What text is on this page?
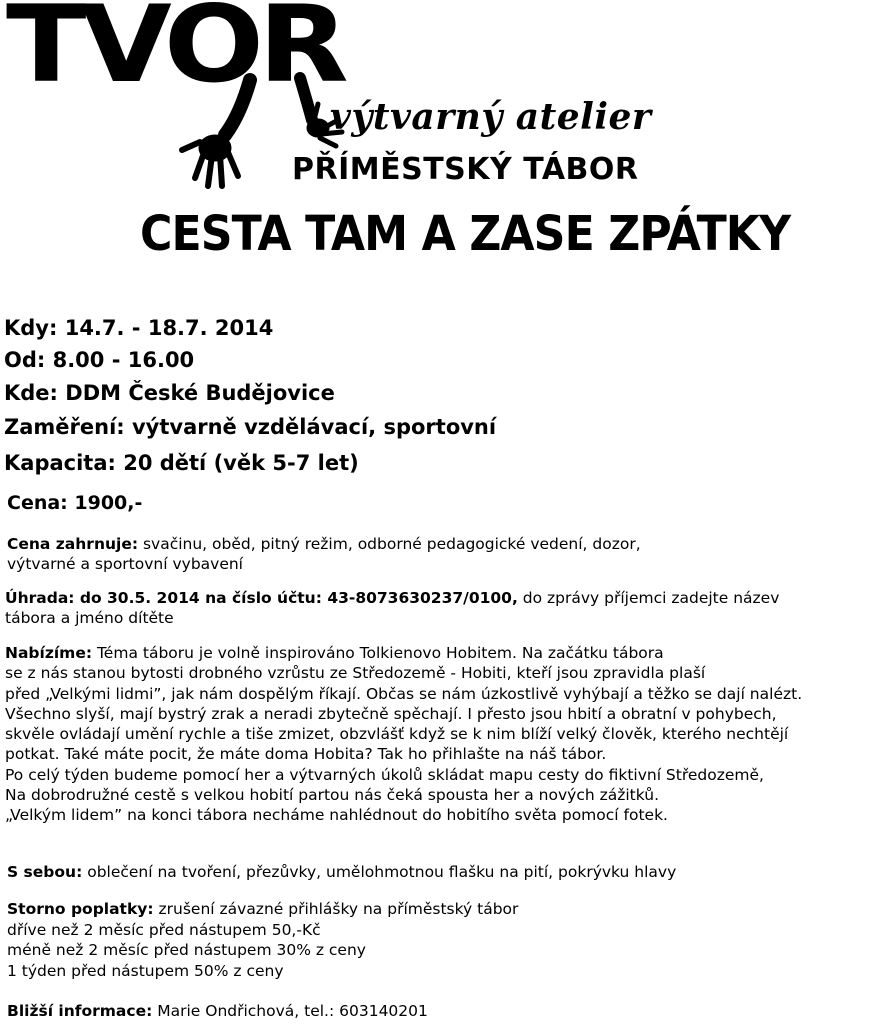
TVOR
výtvarný atelier
PŘÍMĚSTSKÝ TÁBOR
CESTA TAM A ZASE ZPÁTKY
Kdy: 14.7. - 18.7. 2014
Od: 8.00 - 16.00
Kde: DDM České Budějovice
Zaměření: výtvarně vzdělávací, sportovní
Kapacita: 20 dětí (věk 5-7 let)
Cena: 1900,-
Cena zahrnuje: svačinu, oběd, pitný režim, odborné pedagogické vedení, dozor,
výtvarné a sportovní vybavení
Úhrada: do 30.5. 2014 na číslo účtu: 43-8073630237/0100, do zprávy příjemci zadejte název
tábora a jméno dítěte
Nabízíme: Téma táboru je volně inspirováno Tolkienovo Hobitem. Na začátku tábora
se z nás stanou bytosti drobného vzrůstu ze Středozemě - Hobiti, kteří jsou zpravidla plaší
před „Velkými lidmi”, jak nám dospělým říkají. Občas se nám úzkostlivě vyhýbají a těžko se dají nalézt.
Všechno slyší, mají bystrý zrak a neradi zbytečně spěchají. I přesto jsou hbití a obratní v pohybech,
skvěle ovládají umění rychle a tiše zmizet, obzvlášť když se k nim blíží velký člověk, kterého nechtějí
potkat. Také máte pocit, že máte doma Hobita? Tak ho přihlašte na náš tábor.
Po celý týden budeme pomocí her a výtvarných úkolů skládat mapu cesty do fiktivní Středozemě,
Na dobrodružné cestě s velkou hobití partou nás čeká spousta her a nových zážitků.
„Velkým lidem” na konci tábora necháme nahlédnout do hobitího světa pomocí fotek.
S sebou: oblečení na tvoření, přezůvky, umělohmotnou flašku na pití, pokrývku hlavy
Storno poplatky: zrušení závazné přihlášky na příměstský tábor
dříve než 2 měsíc před nástupem 50,-Kč
méně než 2 měsíc před nástupem 30% z ceny
1 týden před nástupem 50% z ceny
Bližší informace: Marie Ondřichová, tel.: 603140201
